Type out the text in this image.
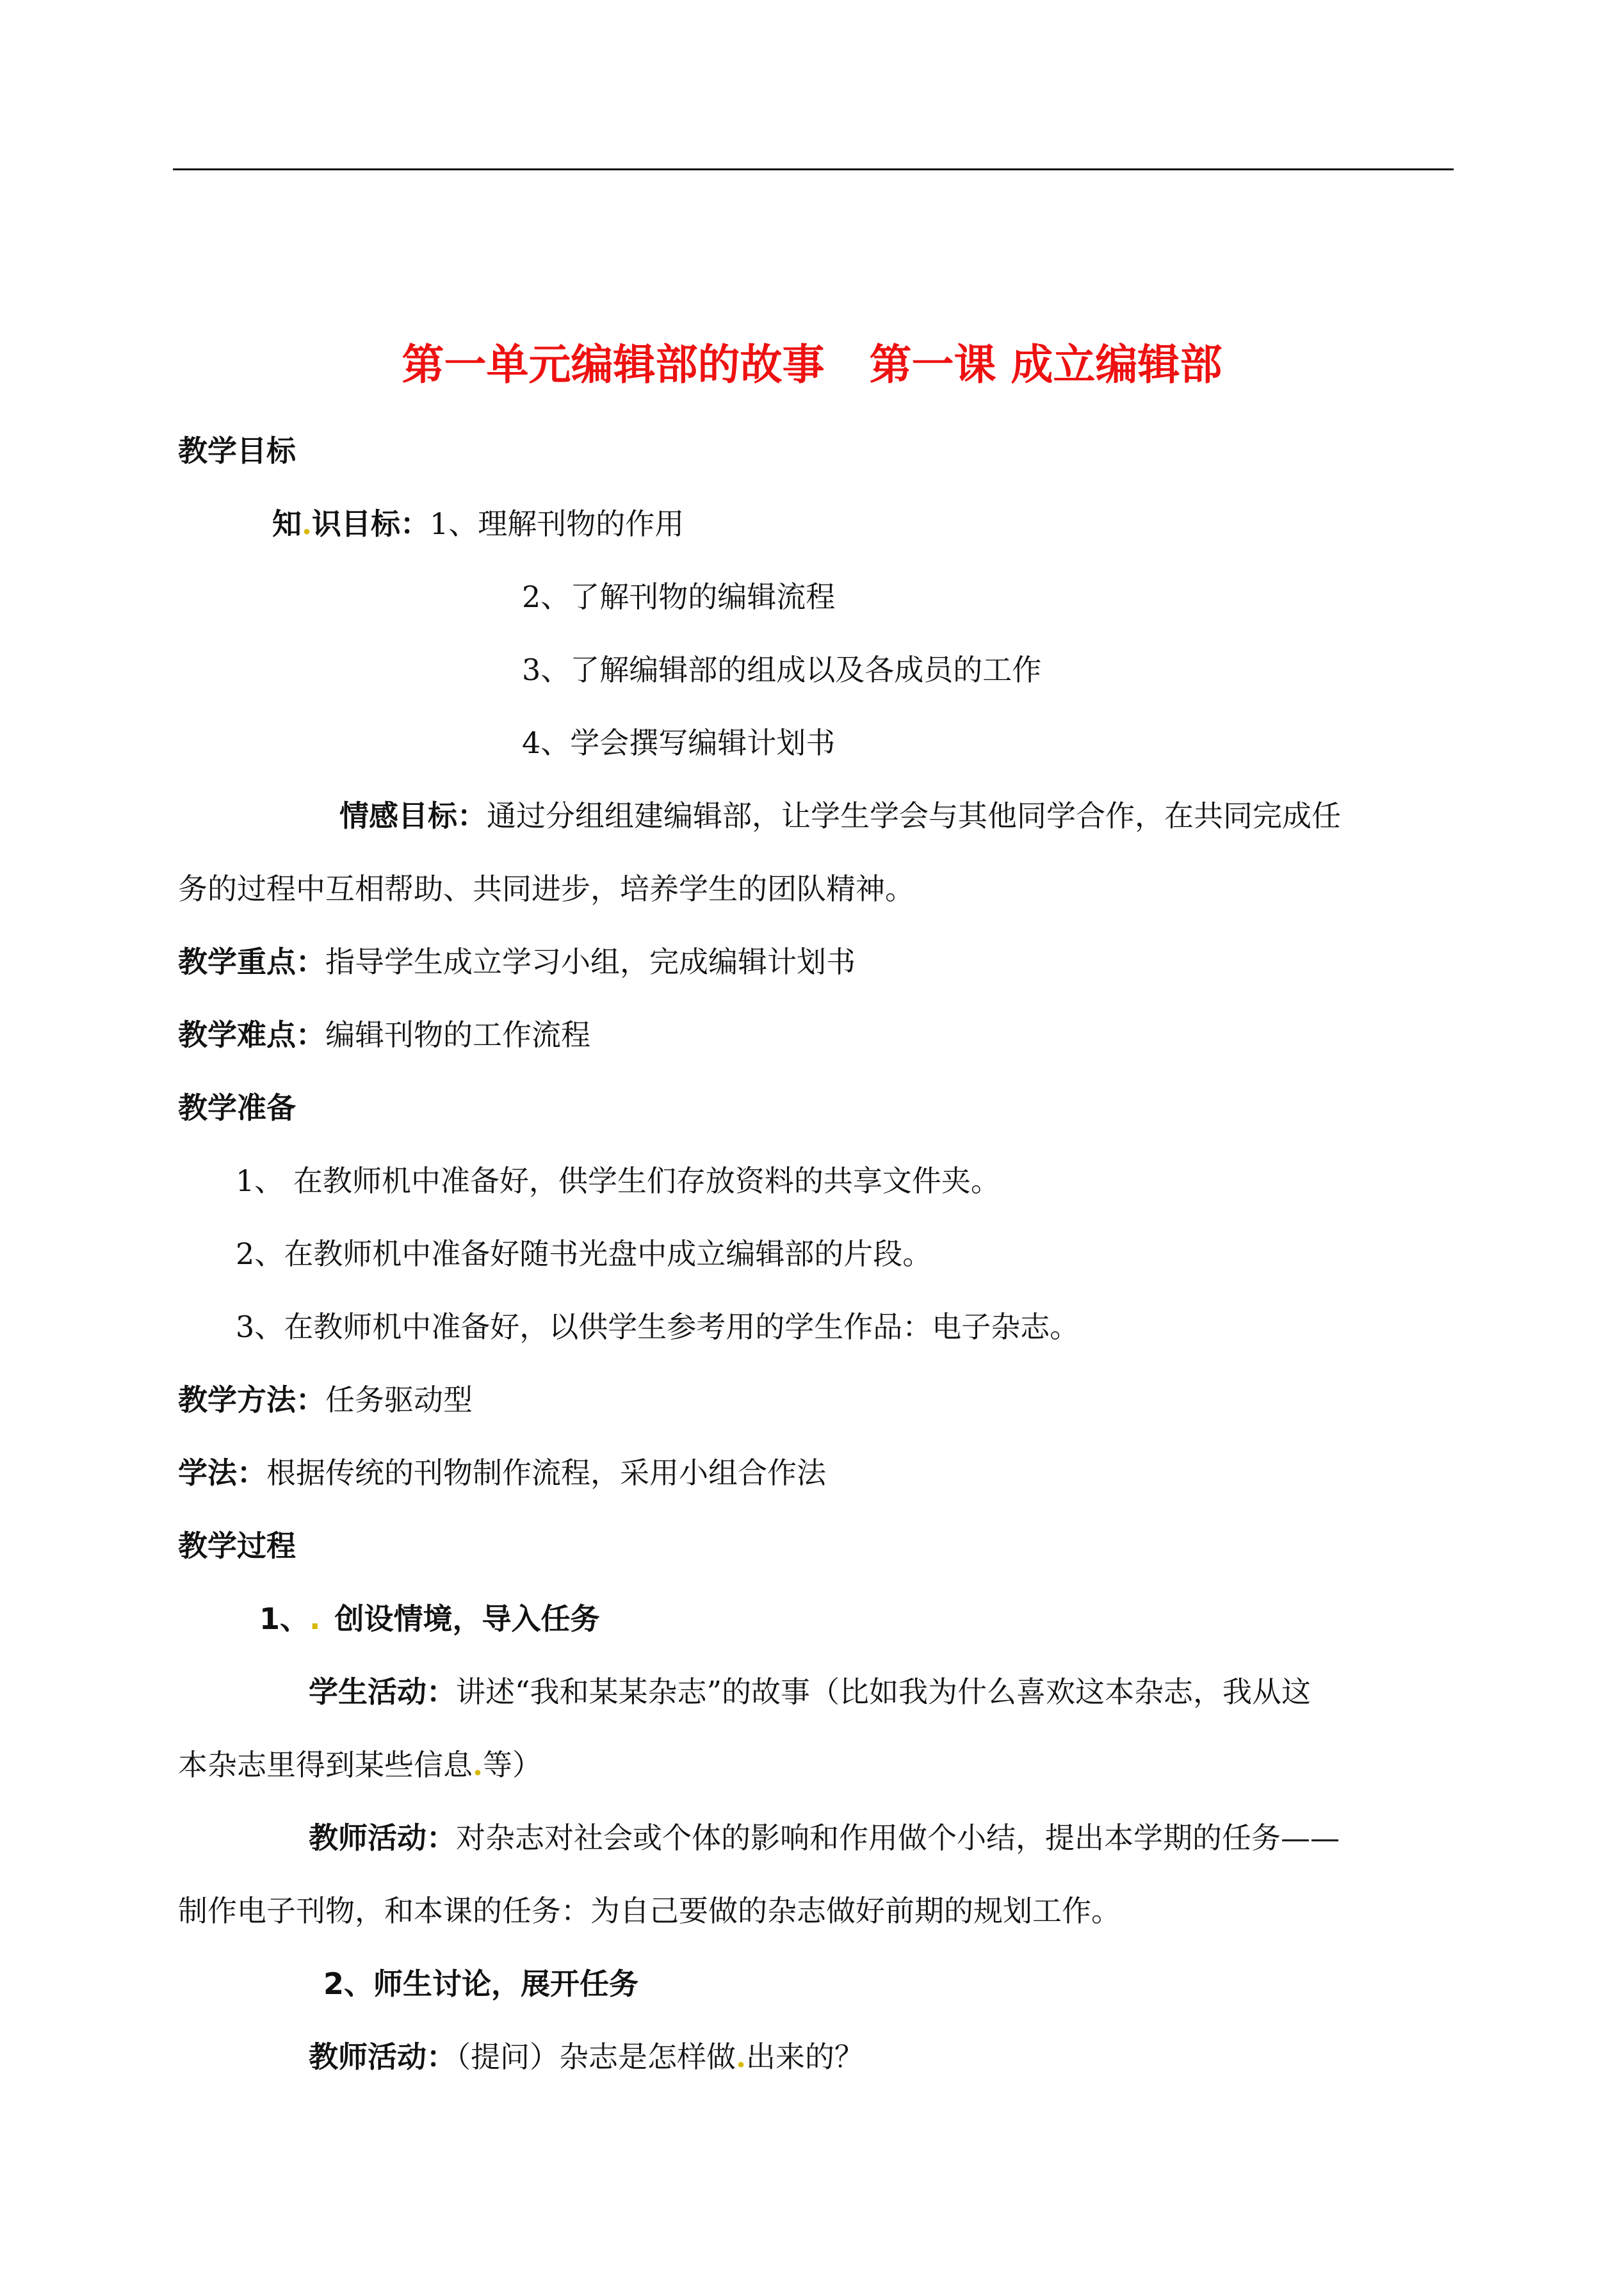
第一单元编辑部的故事 第一课 成立编辑部
教学目标
知.识目标：1、理解刊物的作用
2、了解刊物的编辑流程
3、了解编辑部的组成以及各成员的工作
4、学会撰写编辑计划书
情感目标：通过分组组建编辑部，让学生学会与其他同学合作，在共同完成任
务的过程中互相帮助、共同进步，培养学生的团队精神。
教学重点：指导学生成立学习小组，完成编辑计划书
教学难点：编辑刊物的工作流程
教学准备
1、 在教师机中准备好，供学生们存放资料的共享文件夹。
2、在教师机中准备好随书光盘中成立编辑部的片段。
3、在教师机中准备好，以供学生参考用的学生作品：电子杂志。
教学方法：任务驱动型
学法：根据传统的刊物制作流程，采用小组合作法
教学过程
1、. 创设情境，导入任务
学生活动：讲述“我和某某杂志”的故事（比如我为什么喜欢这本杂志，我从这
本杂志里得到某些信息.等）
教师活动：对杂志对社会或个体的影响和作用做个小结，提出本学期的任务——
制作电子刊物，和本课的任务：为自己要做的杂志做好前期的规划工作。
2、师生讨论，展开任务
教师活动：（提问）杂志是怎样做.出来的？
